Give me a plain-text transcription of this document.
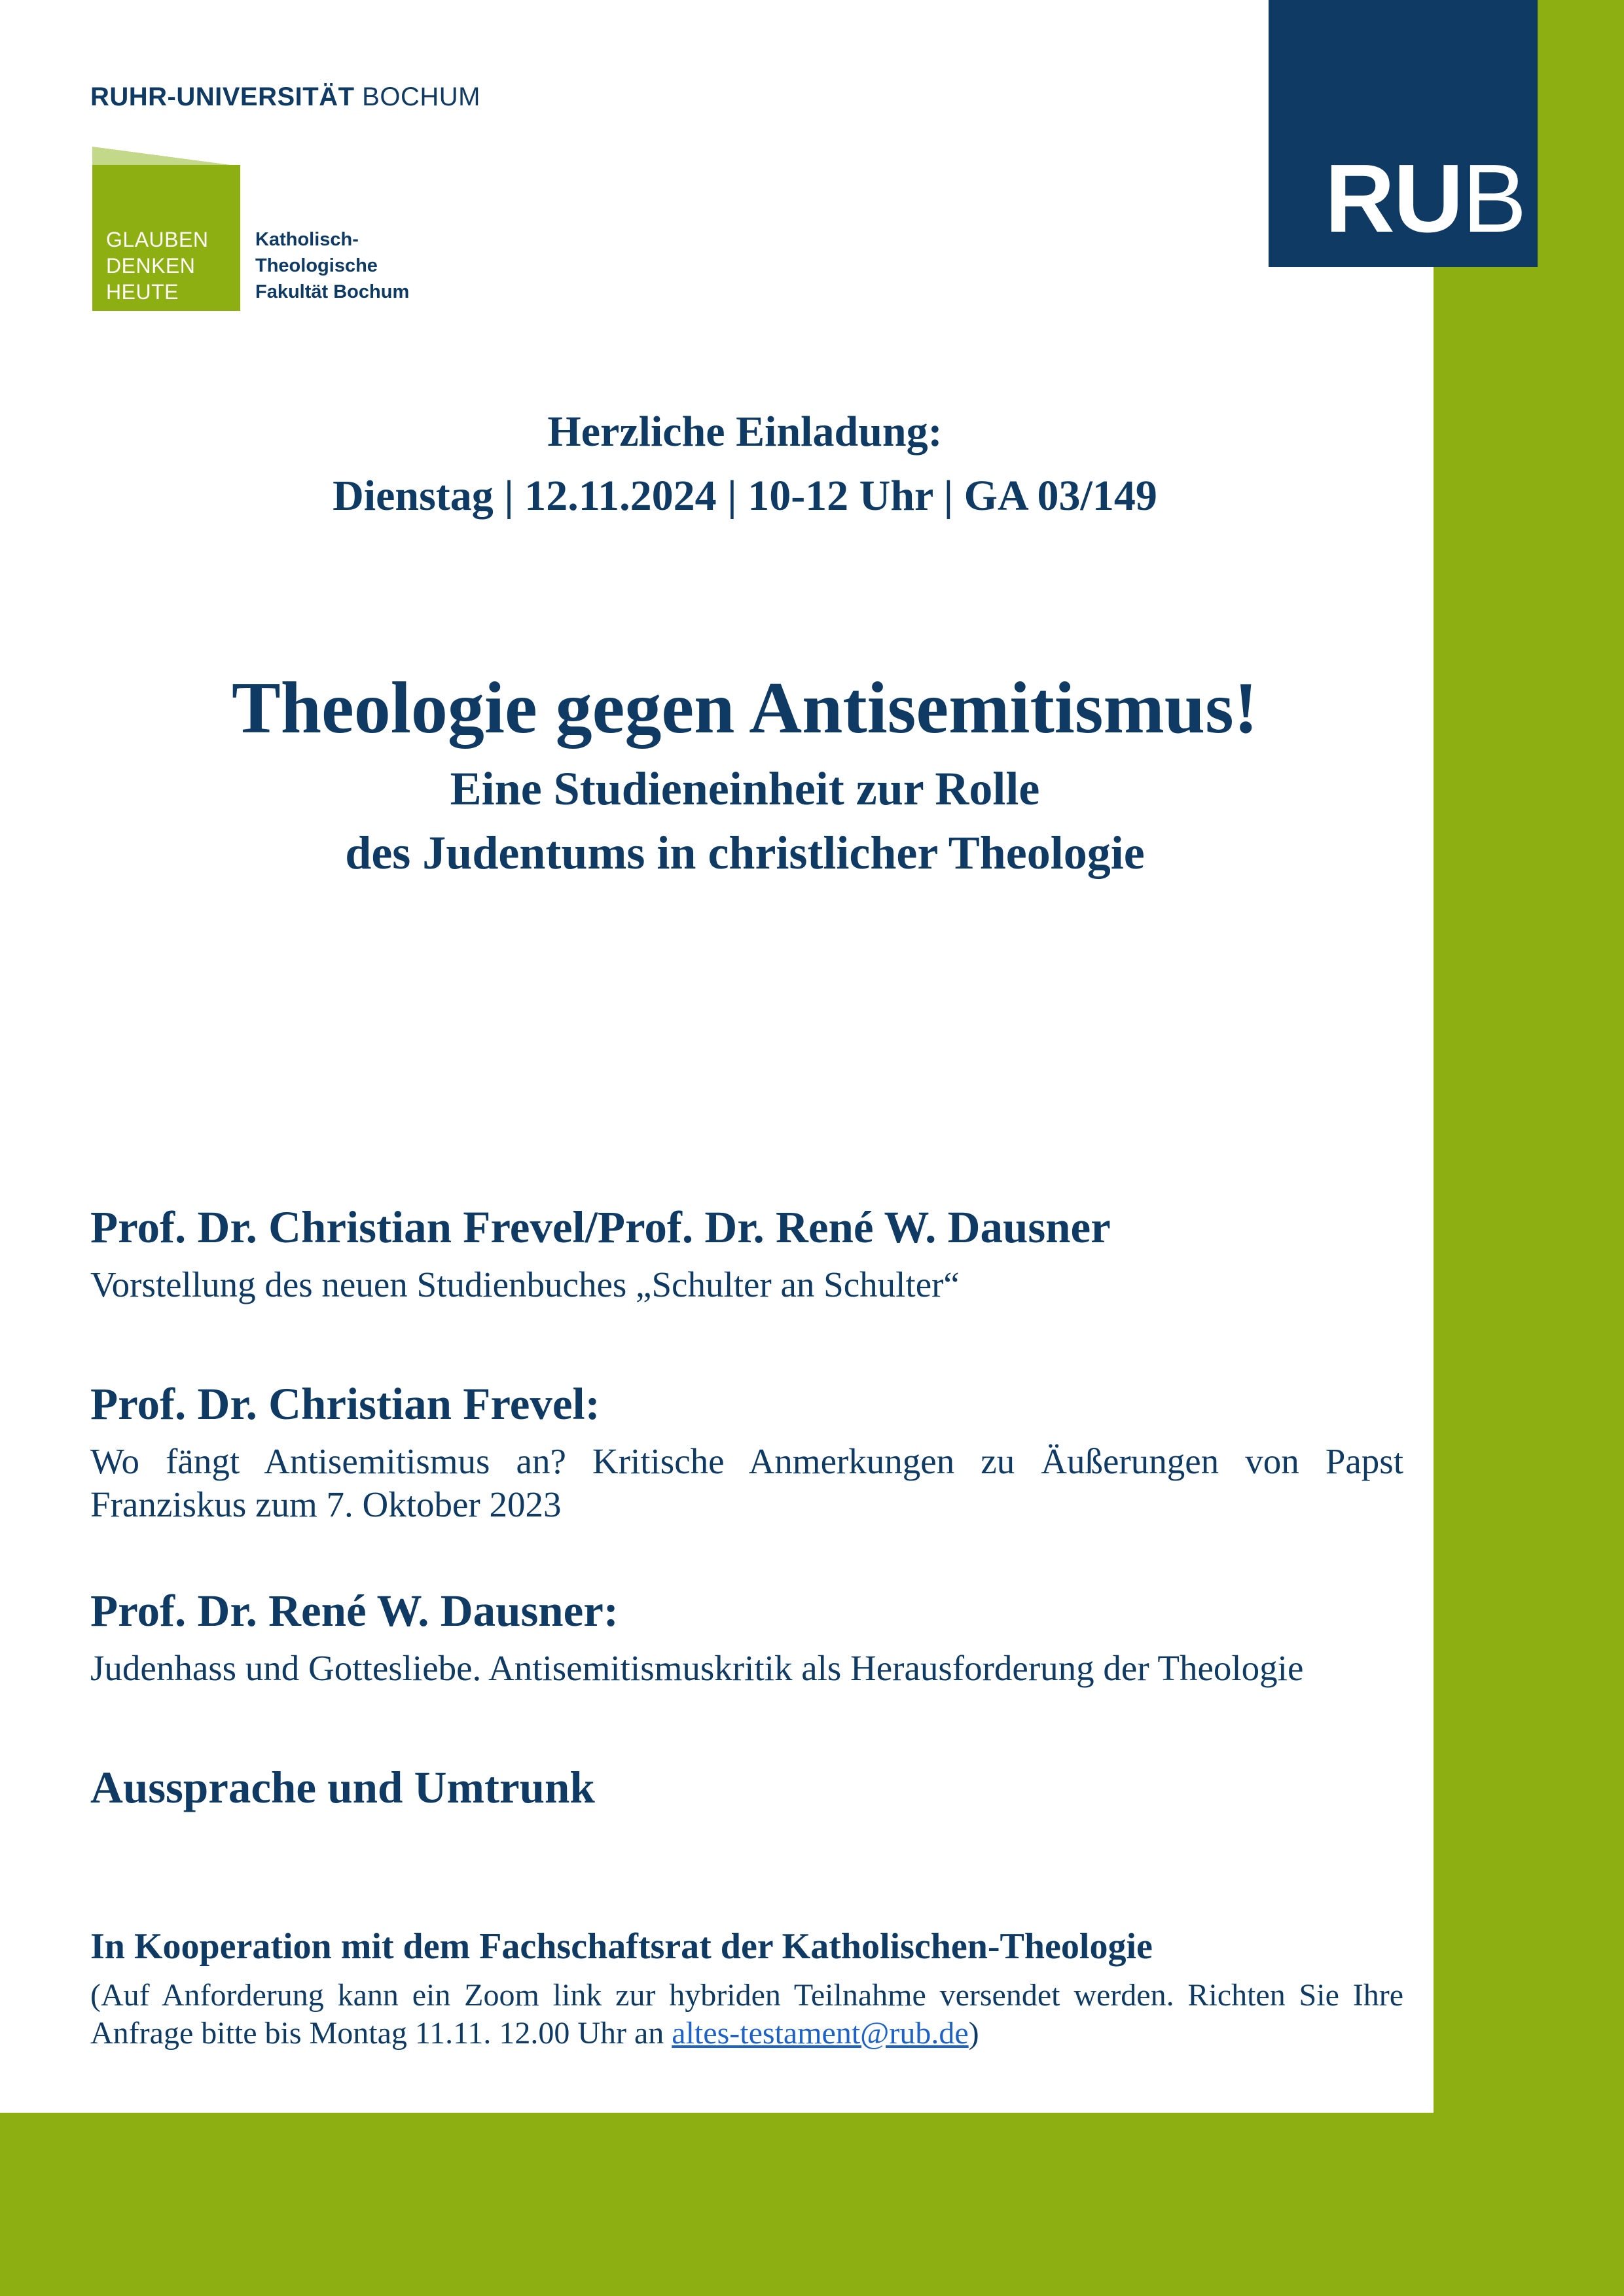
RUB
RUHR-UNIVERSITÄT BOCHUM
GLAUBEN
DENKEN
HEUTE
Katholisch-
Theologische
Fakultät Bochum
Herzliche Einladung:
Dienstag | 12.11.2024 | 10-12 Uhr | GA 03/149
Theologie gegen Antisemitismus!
Eine Studieneinheit zur Rolle
des Judentums in christlicher Theologie
Prof. Dr. Christian Frevel/Prof. Dr. René W. Dausner
Vorstellung des neuen Studienbuches „Schulter an Schulter“
Prof. Dr. Christian Frevel:
Wo fängt Antisemitismus an? Kritische Anmerkungen zu Äußerungen von Papst Franziskus zum 7. Oktober 2023
Prof. Dr. René W. Dausner:
Judenhass und Gottesliebe. Antisemitismuskritik als Herausforderung der Theologie
Aussprache und Umtrunk
In Kooperation mit dem Fachschaftsrat der Katholischen-Theologie
(Auf Anforderung kann ein Zoom link zur hybriden Teilnahme versendet werden. Richten Sie Ihre Anfrage bitte bis Montag 11.11. 12.00 Uhr an altes-testament@rub.de)
